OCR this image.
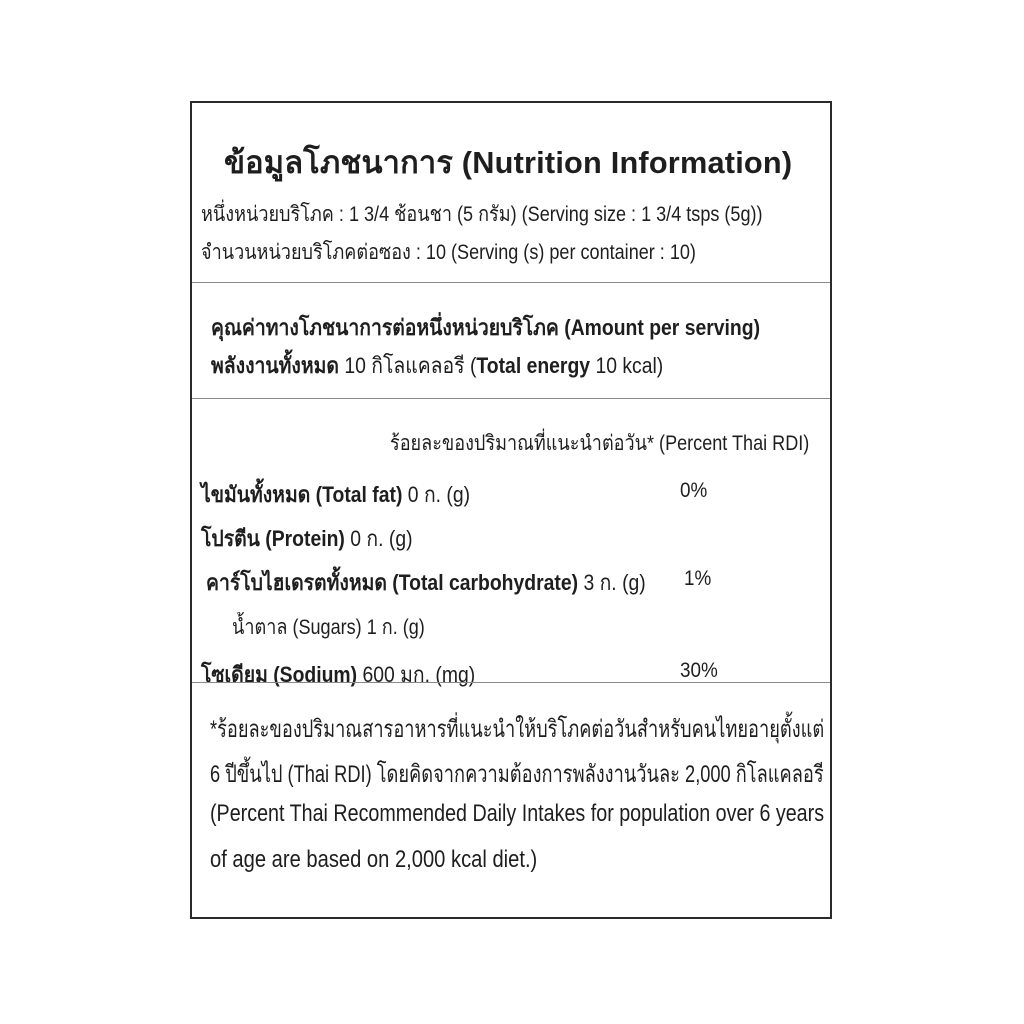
ข้อมูลโภชนาการ (Nutrition Information)
หนึ่งหน่วยบริโภค : 1 3/4 ช้อนชา (5 กรัม) (Serving size : 1 3/4 tsps (5g))
จำนวนหน่วยบริโภคต่อซอง : 10 (Serving (s) per container : 10)
คุณค่าทางโภชนาการต่อหนึ่งหน่วยบริโภค (Amount per serving)
พลังงานทั้งหมด 10 กิโลแคลอรี (Total energy 10 kcal)
ร้อยละของปริมาณที่แนะนำต่อวัน* (Percent Thai RDI)
ไขมันทั้งหมด (Total fat) 0 ก. (g)	0%
โปรตีน (Protein) 0 ก. (g)
คาร์โบไฮเดรตทั้งหมด (Total carbohydrate) 3 ก. (g) 1%
น้ำตาล (Sugars) 1 ก. (g)
โซเดียม (Sodium) 600 มก. (mg)	30%
*ร้อยละของปริมาณสารอาหารที่แนะนำให้บริโภคต่อวันสำหรับคนไทยอายุตั้งแต่
6 ปีขึ้นไป (Thai RDI) โดยคิดจากความต้องการพลังงานวันละ 2,000 กิโลแคลอรี
(Percent Thai Recommended Daily Intakes for population over 6 years
of age are based on 2,000 kcal diet.)
